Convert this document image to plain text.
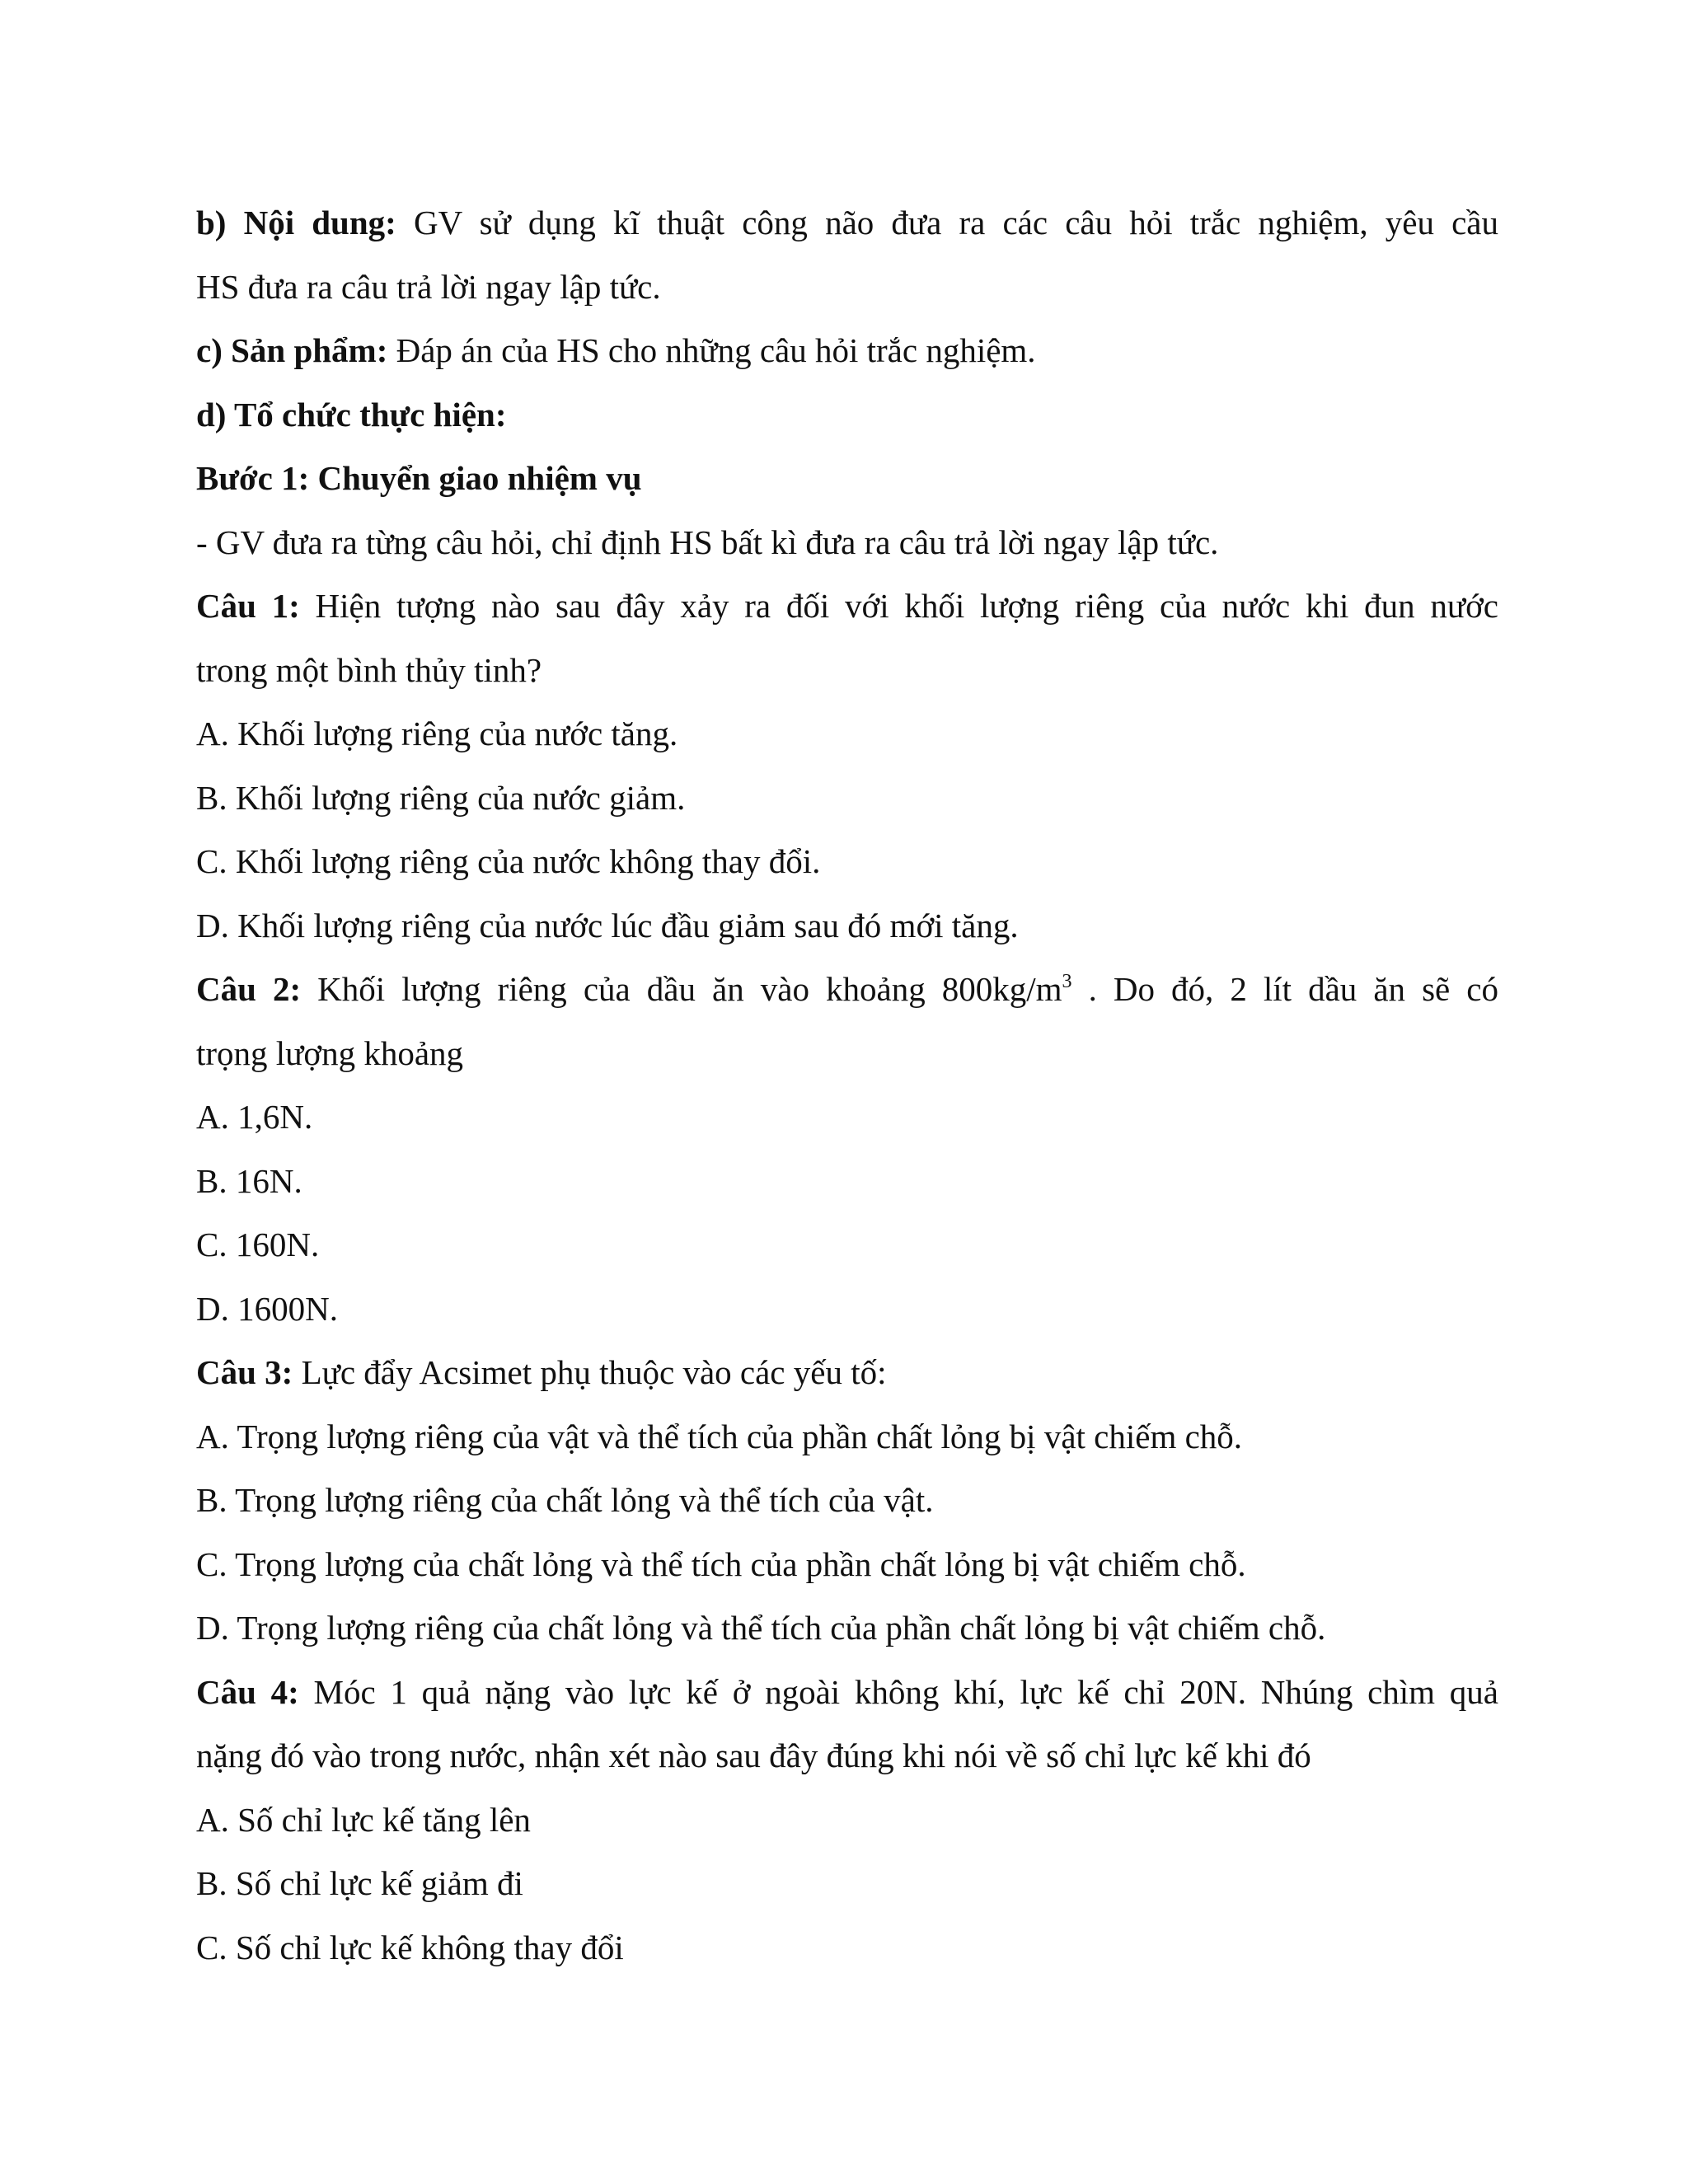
b) Nội dung: GV sử dụng kĩ thuật công não đưa ra các câu hỏi trắc nghiệm, yêu cầu
HS đưa ra câu trả lời ngay lập tức.
c) Sản phẩm: Đáp án của HS cho những câu hỏi trắc nghiệm.
d) Tổ chức thực hiện:
Bước 1: Chuyển giao nhiệm vụ
- GV đưa ra từng câu hỏi, chỉ định HS bất kì đưa ra câu trả lời ngay lập tức.
Câu 1: Hiện tượng nào sau đây xảy ra đối với khối lượng riêng của nước khi đun nước
trong một bình thủy tinh?
A. Khối lượng riêng của nước tăng.
B. Khối lượng riêng của nước giảm.
C. Khối lượng riêng của nước không thay đổi.
D. Khối lượng riêng của nước lúc đầu giảm sau đó mới tăng.
Câu 2: Khối lượng riêng của dầu ăn vào khoảng $800kg/m^3$ . Do đó, 2 lít dầu ăn sẽ có
trọng lượng khoảng
A. 1,6N.
B. 16N.
C. 160N.
D. 1600N.
Câu 3: Lực đẩy Acsimet phụ thuộc vào các yếu tố:
A. Trọng lượng riêng của vật và thể tích của phần chất lỏng bị vật chiếm chỗ.
B. Trọng lượng riêng của chất lỏng và thể tích của vật.
C. Trọng lượng của chất lỏng và thể tích của phần chất lỏng bị vật chiếm chỗ.
D. Trọng lượng riêng của chất lỏng và thể tích của phần chất lỏng bị vật chiếm chỗ.
Câu 4: Móc 1 quả nặng vào lực kế ở ngoài không khí, lực kế chỉ 20N. Nhúng chìm quả
nặng đó vào trong nước, nhận xét nào sau đây đúng khi nói về số chỉ lực kế khi đó
A. Số chỉ lực kế tăng lên
B. Số chỉ lực kế giảm đi
C. Số chỉ lực kế không thay đổi
